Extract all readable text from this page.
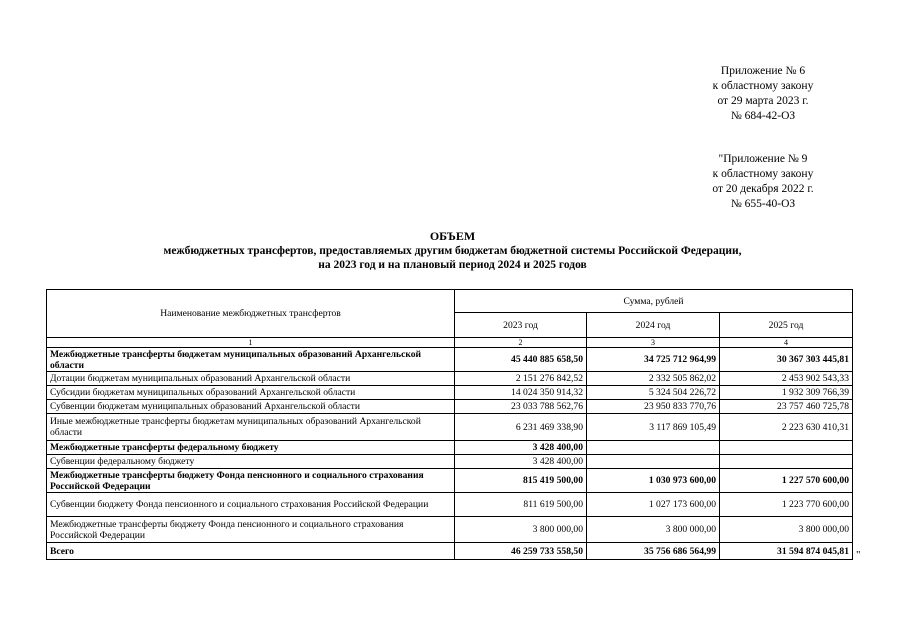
Приложение № 6
к областному закону
от 29 марта 2023 г.
№ 684-42-ОЗ
"Приложение № 9
к областному закону
от 20 декабря 2022 г.
№ 655-40-ОЗ
ОБЪЕМ
межбюджетных трансфертов, предоставляемых другим бюджетам бюджетной системы Российской Федерации,
на 2023 год и на плановый период 2024 и 2025 годов
Наименование межбюджетных трансфертов	Сумма, рублей		
	2023 год	2024 год	2025 год
1	2	3	4
Межбюджетные трансферты бюджетам муниципальных образований Архангельской области	45 440 885 658,50	34 725 712 964,99	30 367 303 445,81
Дотации бюджетам муниципальных образований Архангельской области	2 151 276 842,52	2 332 505 862,02	2 453 902 543,33
Субсидии бюджетам муниципальных образований Архангельской области	14 024 350 914,32	5 324 504 226,72	1 932 309 766,39
Субвенции бюджетам муниципальных образований Архангельской области	23 033 788 562,76	23 950 833 770,76	23 757 460 725,78
Иные межбюджетные трансферты бюджетам муниципальных образований Архангельской области	6 231 469 338,90	3 117 869 105,49	2 223 630 410,31
Межбюджетные трансферты федеральному бюджету	3 428 400,00		
Субвенции федеральному бюджету	3 428 400,00		
Межбюджетные трансферты бюджету Фонда пенсионного и социального страхования Российской Федерации	815 419 500,00	1 030 973 600,00	1 227 570 600,00
Субвенции бюджету Фонда пенсионного и социального страхования Российской Федерации	811 619 500,00	1 027 173 600,00	1 223 770 600,00
Межбюджетные трансферты бюджету Фонда пенсионного и социального страхования Российской Федерации	3 800 000,00	3 800 000,00	3 800 000,00
Всего	46 259 733 558,50	35 756 686 564,99	31 594 874 045,81 "
